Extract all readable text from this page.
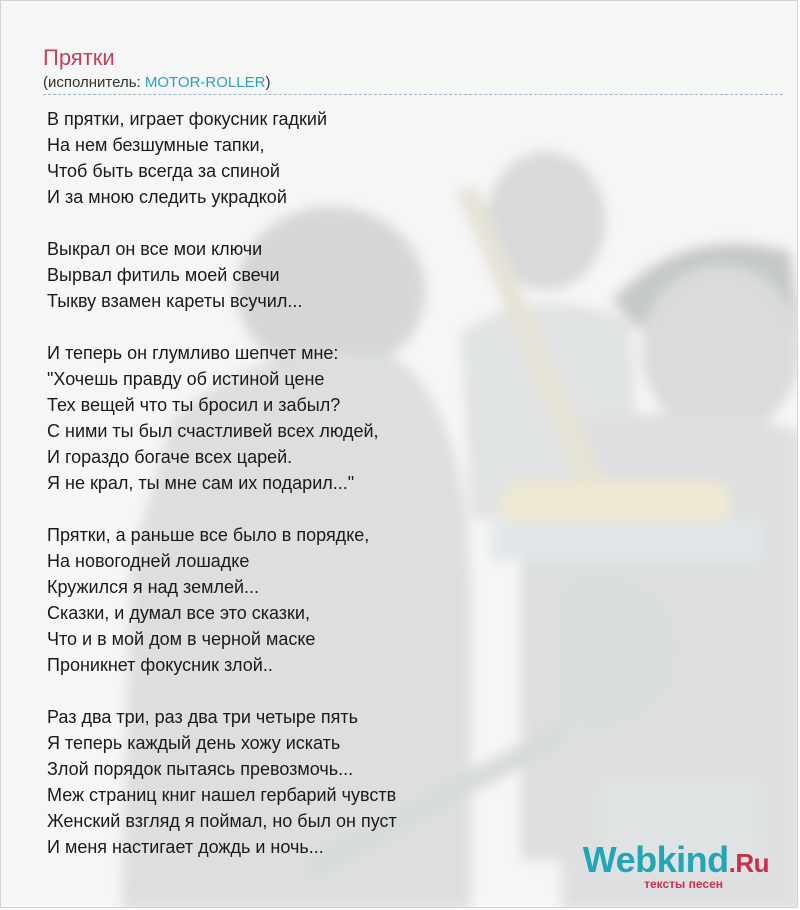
Прятки
(исполнитель: MOTOR-ROLLER)
В прятки, играет фокусник гадкий
На нем безшумные тапки,
Чтоб быть всегда за спиной
И за мною следить украдкой
Выкрал он все мои ключи
Вырвал фитиль моей свечи
Тыкву взамен кареты всучил...
И теперь он глумливо шепчет мне:
"Хочешь правду об истиной цене
Тех вещей что ты бросил и забыл?
С ними ты был счастливей всех людей,
И гораздо богаче всех царей.
Я не крал, ты мне сам их подарил..."
Прятки, а раньше все было в порядке,
На новогодней лошадке
Кружился я над землей...
Сказки, и думал все это сказки,
Что и в мой дом в черной маске
Проникнет фокусник злой..
Раз два три, раз два три четыре пять
Я теперь каждый день хожу искать
Злой порядок пытаясь превозмочь...
Меж страниц книг нашел гербарий чувств
Женский взгляд я поймал, но был он пуст
И меня настигает дождь и ночь...	Webkind.Ru
тексты песен
